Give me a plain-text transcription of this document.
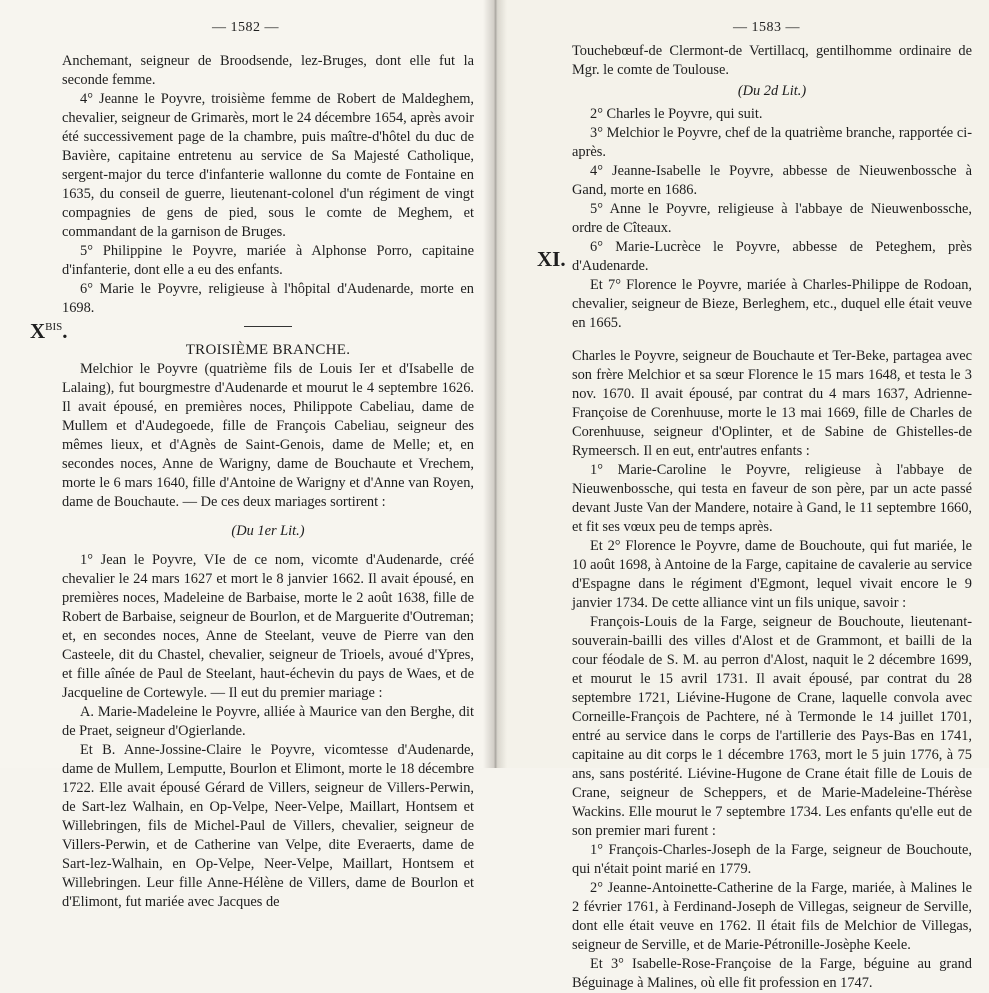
— 1582 —

Anchemant, seigneur de Broodsende, lez-Bruges, dont elle fut la seconde femme.

4° Jeanne le Poyvre, troisième femme de Robert de Maldeghem, chevalier, seigneur de Grimarès, mort le 24 décembre 1654, après avoir été successivement page de la chambre, puis maître-d'hôtel du duc de Bavière, capitaine entretenu au service de Sa Majesté Catholique, sergent-major du terce d'infanterie wallonne du comte de Fontaine en 1635, du conseil de guerre, lieutenant-colonel d'un régiment de vingt compagnies de gens de pied, sous le comte de Meghem, et commandant de la garnison de Bruges.

5° Philippine le Poyvre, mariée à Alphonse Porro, capitaine d'infanterie, dont elle a eu des enfants.

6° Marie le Poyvre, religieuse à l'hôpital d'Audenarde, morte en 1698.

TROISIÈME BRANCHE.

Melchior le Poyvre (quatrième fils de Louis Ier et d'Isabelle de Lalaing), fut bourgmestre d'Audenarde et mourut le 4 septembre 1626. Il avait épousé, en premières noces, Philippote Cabeliau, dame de Mullem et d'Audegoede, fille de François Cabeliau, seigneur des mêmes lieux, et d'Agnès de Saint-Genois, dame de Melle; et, en secondes noces, Anne de Warigny, dame de Bouchaute et Vrechem, morte le 6 mars 1640, fille d'Antoine de Warigny et d'Anne van Royen, dame de Bouchaute. — De ces deux mariages sortirent :

(Du 1er Lit.)

1° Jean le Poyvre, VIe de ce nom, vicomte d'Audenarde, créé chevalier le 24 mars 1627 et mort le 8 janvier 1662. Il avait épousé, en premières noces, Madeleine de Barbaise, morte le 2 août 1638, fille de Robert de Barbaise, seigneur de Bourlon, et de Marguerite d'Outreman; et, en secondes noces, Anne de Steelant, veuve de Pierre van den Casteele, dit du Chastel, chevalier, seigneur de Trioels, avoué d'Ypres, et fille aînée de Paul de Steelant, haut-échevin du pays de Waes, et de Jacqueline de Cortewyle. — Il eut du premier mariage :

A. Marie-Madeleine le Poyvre, alliée à Maurice van den Berghe, dit de Praet, seigneur d'Ogierlande.

Et B. Anne-Jossine-Claire le Poyvre, vicomtesse d'Audenarde, dame de Mullem, Lemputte, Bourlon et Elimont, morte le 18 décembre 1722. Elle avait épousé Gérard de Villers, seigneur de Villers-Perwin, de Sart-lez Walhain, en Op-Velpe, Neer-Velpe, Maillart, Hontsem et Willebringen, fils de Michel-Paul de Villers, chevalier, seigneur de Villers-Perwin, et de Catherine van Velpe, dite Everaerts, dame de Sart-lez-Walhain, en Op-Velpe, Neer-Velpe, Maillart, Hontsem et Willebringen. Leur fille Anne-Hélène de Villers, dame de Bourlon et d'Elimont, fut mariée avec Jacques de

$X^{BIS}$.
— 1583 —

Touchebœuf-de Clermont-de Vertillacq, gentilhomme ordinaire de Mgr. le comte de Toulouse.

(Du 2d Lit.)

2° Charles le Poyvre, qui suit.

3° Melchior le Poyvre, chef de la quatrième branche, rapportée ci-après.

4° Jeanne-Isabelle le Poyvre, abbesse de Nieuwenbossche à Gand, morte en 1686.

5° Anne le Poyvre, religieuse à l'abbaye de Nieuwenbossche, ordre de Cîteaux.

6° Marie-Lucrèce le Poyvre, abbesse de Peteghem, près d'Audenarde.

Et 7° Florence le Poyvre, mariée à Charles-Philippe de Rodoan, chevalier, seigneur de Bieze, Berleghem, etc., duquel elle était veuve en 1665.

Charles le Poyvre, seigneur de Bouchaute et Ter-Beke, partagea avec son frère Melchior et sa sœur Florence le 15 mars 1648, et testa le 3 nov. 1670. Il avait épousé, par contrat du 4 mars 1637, Adrienne-Françoise de Corenhuuse, morte le 13 mai 1669, fille de Charles de Corenhuuse, seigneur d'Oplinter, et de Sabine de Ghistelles-de Rymeersch. Il en eut, entr'autres enfants :

1° Marie-Caroline le Poyvre, religieuse à l'abbaye de Nieuwenbossche, qui testa en faveur de son père, par un acte passé devant Juste Van der Mandere, notaire à Gand, le 11 septembre 1660, et fit ses vœux peu de temps après.

Et 2° Florence le Poyvre, dame de Bouchoute, qui fut mariée, le 10 août 1698, à Antoine de la Farge, capitaine de cavalerie au service d'Espagne dans le régiment d'Egmont, lequel vivait encore le 9 janvier 1734. De cette alliance vint un fils unique, savoir :

François-Louis de la Farge, seigneur de Bouchoute, lieutenant-souverain-bailli des villes d'Alost et de Grammont, et bailli de la cour féodale de S. M. au perron d'Alost, naquit le 2 décembre 1699, et mourut le 15 avril 1731. Il avait épousé, par contrat du 28 septembre 1721, Liévine-Hugone de Crane, laquelle convola avec Corneille-François de Pachtere, né à Termonde le 14 juillet 1701, entré au service dans le corps de l'artillerie des Pays-Bas en 1741, capitaine au dit corps le 1 décembre 1763, mort le 5 juin 1776, à 75 ans, sans postérité. Liévine-Hugone de Crane était fille de Louis de Crane, seigneur de Scheppers, et de Marie-Madeleine-Thérèse Wackins. Elle mourut le 7 septembre 1734. Les enfants qu'elle eut de son premier mari furent :

1° François-Charles-Joseph de la Farge, seigneur de Bouchoute, qui n'était point marié en 1779.

2° Jeanne-Antoinette-Catherine de la Farge, mariée, à Malines le 2 février 1761, à Ferdinand-Joseph de Villegas, seigneur de Serville, dont elle était veuve en 1762. Il était fils de Melchior de Villegas, seigneur de Serville, et de Marie-Pétronille-Josèphe Keele.

Et 3° Isabelle-Rose-Françoise de la Farge, béguine au grand Béguinage à Malines, où elle fit profession en 1747.

XI.
